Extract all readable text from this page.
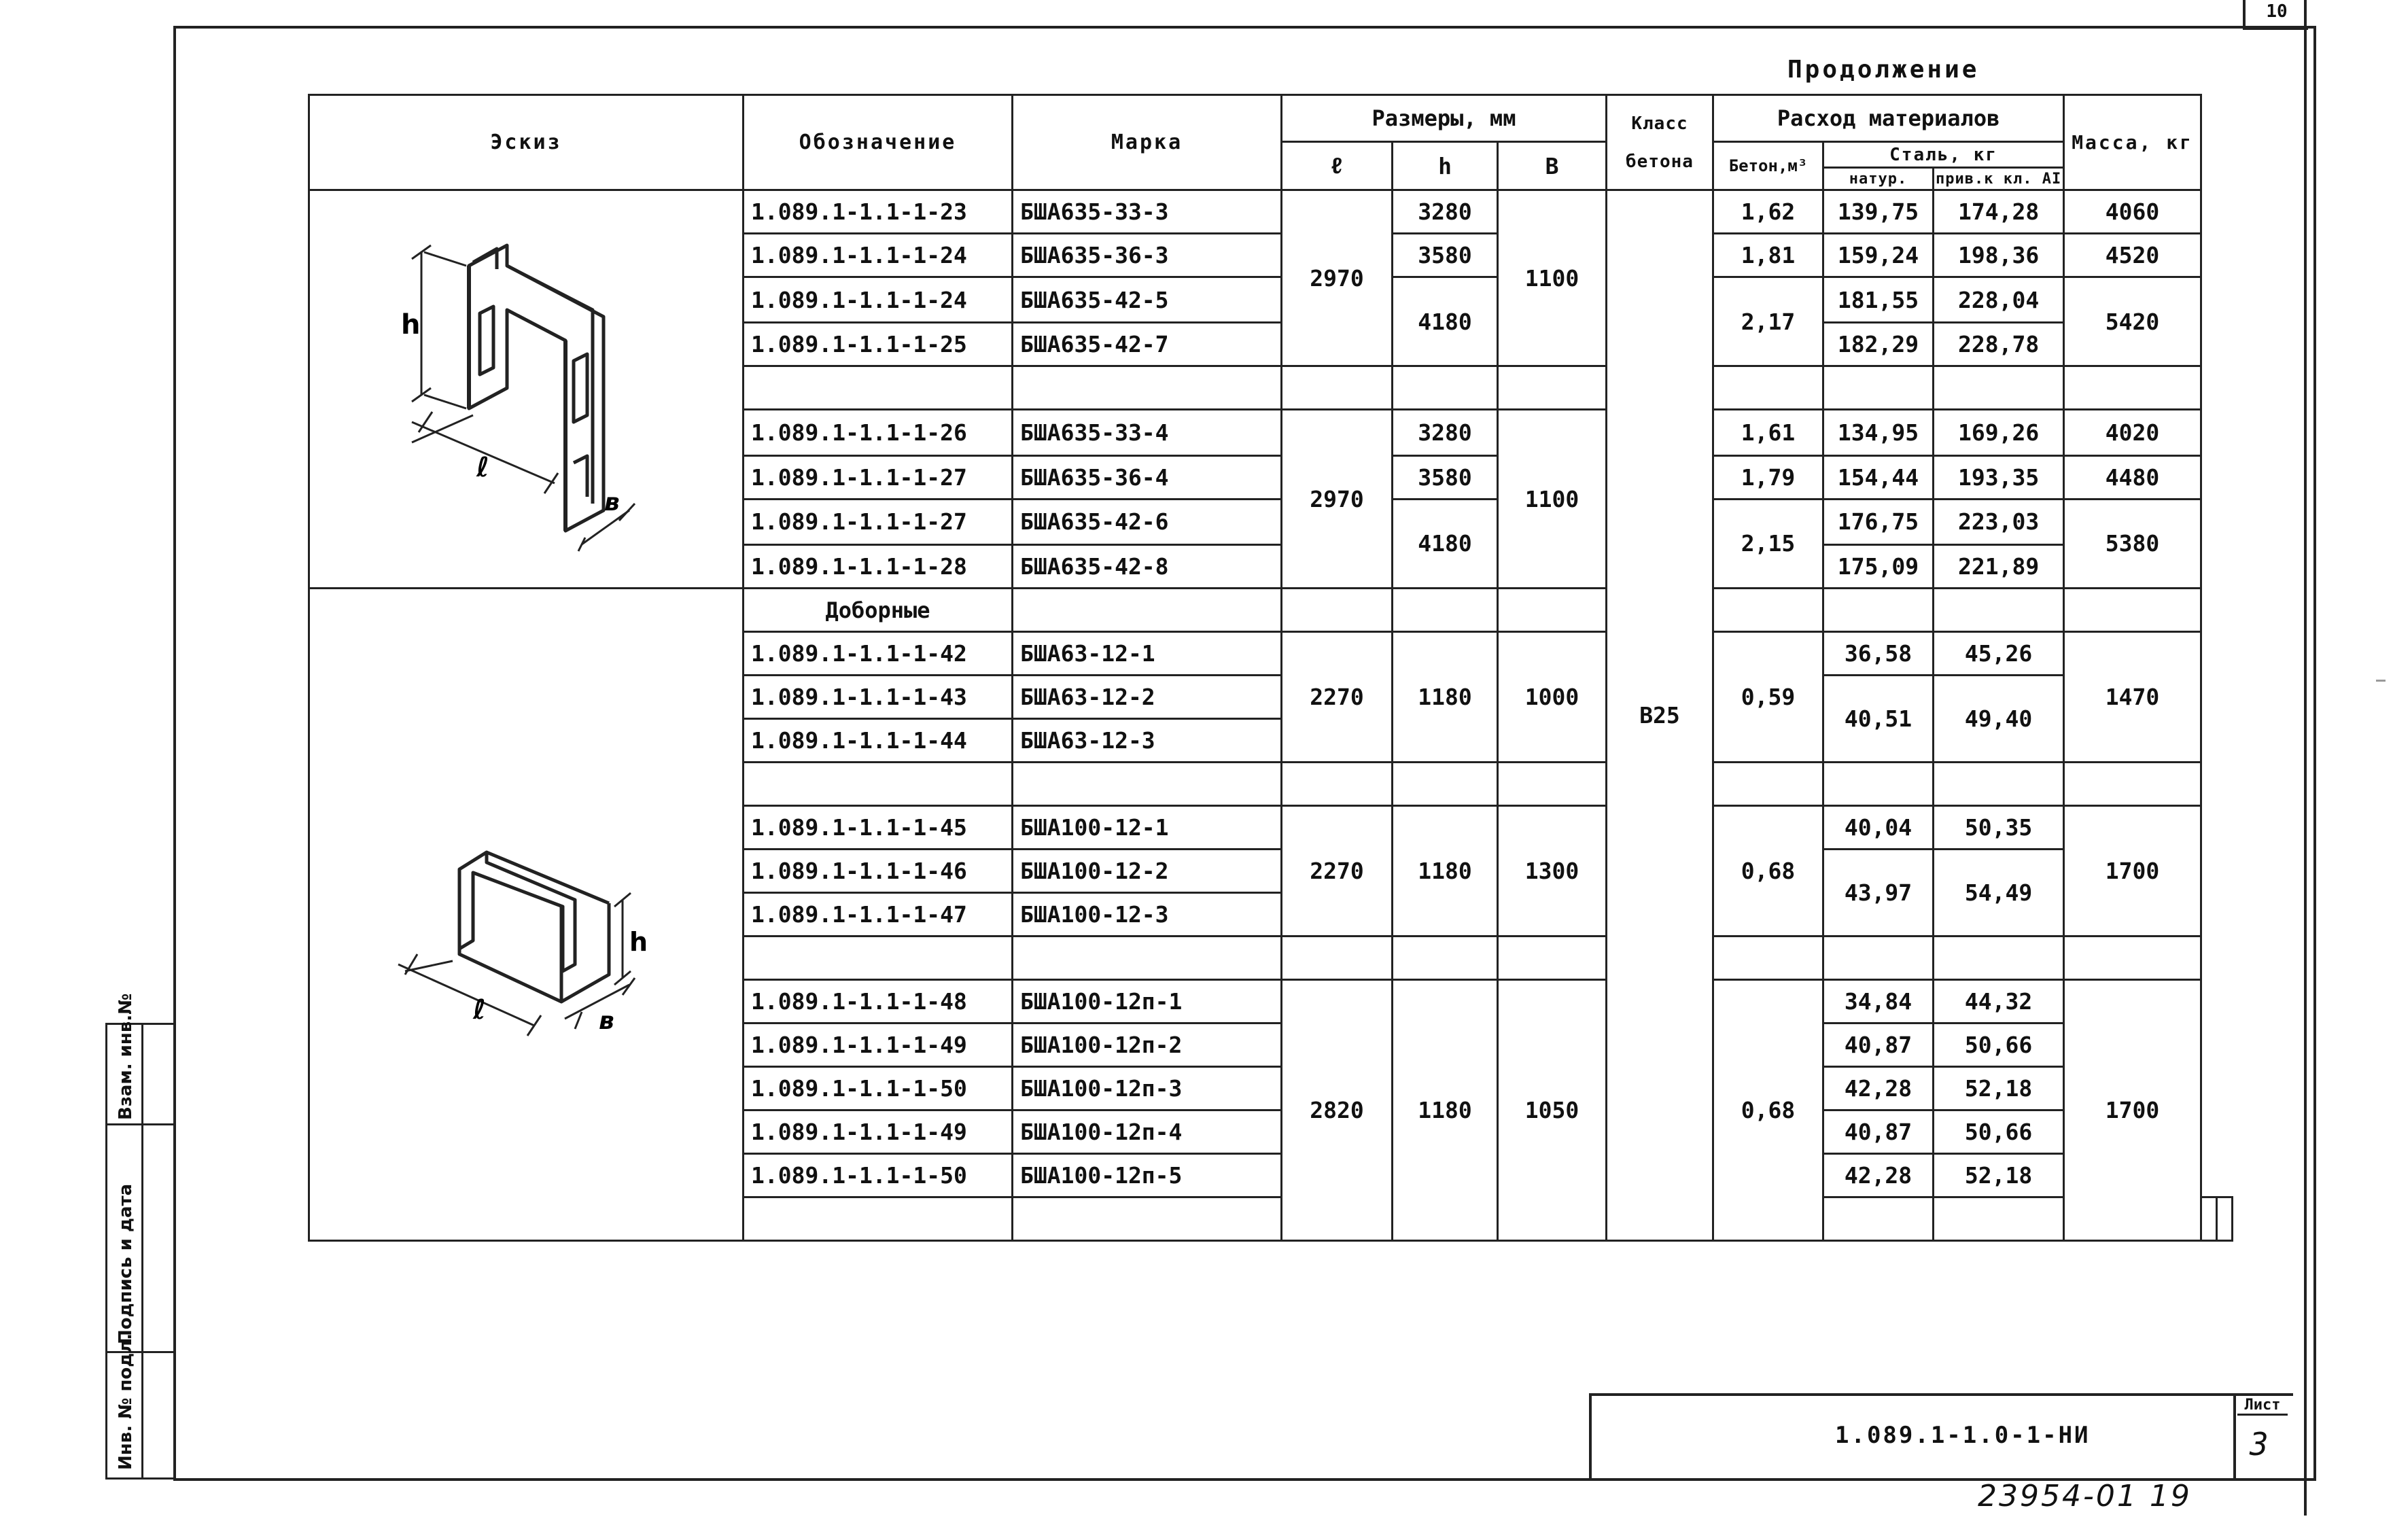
10
Продолжение
Эскиз	Обозначение	Марка	Размеры, мм			Класс бетона	Расход материалов			Масса, кг		
			ℓ	h	В		Бетон,м³	Сталь, кг				
								натур.	прив.к кл. АI			

h
ℓ
в	1.089.1-1.1-1-23	БША635-33-3	2970	3280	1100	В25	1,62	139,75	174,28	4060		
	1.089.1-1.1-1-24	БША635-36-3		3580			1,81	159,24	198,36	4520		
	1.089.1-1.1-1-24	БША635-42-5		4180			2,17	181,55	228,04	5420		
	1.089.1-1.1-1-25	БША635-42-7						182,29	228,78			

	1.089.1-1.1-1-26	БША635-33-4	2970	3280	1100		1,61	134,95	169,26	4020		
	1.089.1-1.1-1-27	БША635-36-4		3580			1,79	154,44	193,35	4480		
	1.089.1-1.1-1-27	БША635-42-6		4180			2,15	176,75	223,03	5380		
	1.089.1-1.1-1-28	БША635-42-8						175,09	221,89			

h
ℓ в	Доборные											
	1.089.1-1.1-1-42	БША63-12-1	2270	1180	1000		0,59	36,58	45,26	1470		
	1.089.1-1.1-1-43	БША63-12-2						40,51	49,40			
	1.089.1-1.1-1-44	БША63-12-3										

	1.089.1-1.1-1-45	БША100-12-1	2270	1180	1300		0,68	40,04	50,35	1700		
	1.089.1-1.1-1-46	БША100-12-2						43,97	54,49			
	1.089.1-1.1-1-47	БША100-12-3										

	1.089.1-1.1-1-48	БША100-12п-1	2820	1180	1050		0,68	34,84	44,32	1700		
	1.089.1-1.1-1-49	БША100-12п-2						40,87	50,66			
	1.089.1-1.1-1-50	БША100-12п-3						42,28	52,18			
	1.089.1-1.1-1-49	БША100-12п-4						40,87	50,66			
	1.089.1-1.1-1-50	БША100-12п-5						42,28	52,18			

Взам. инв.№
Подпись и дата
Инв. № подл.	1.089.1-1.0-1-НИ
Лист
3
23954-01 19
